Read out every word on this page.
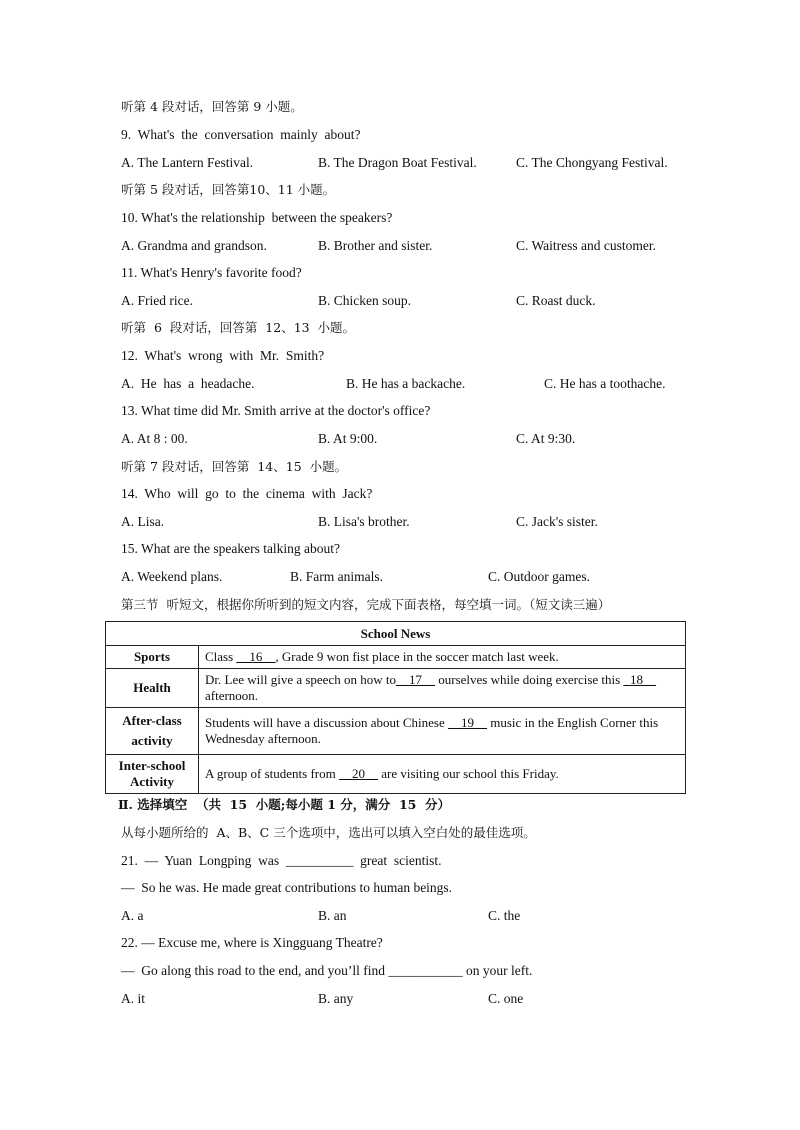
听第 4 段对话，回答第 9 小题。
9.  What's  the  conversation  mainly  about?
A. The Lantern Festival.	B. The Dragon Boat Festival.	C. The Chongyang Festival.
听第 5 段对话，回答第10、11 小题。
10. What's the relationship  between the speakers?
A. Grandma and grandson.	B. Brother and sister.	C. Waitress and customer.
11. What's Henry's favorite food?
A. Fried rice.	B. Chicken soup.	C. Roast duck.
听第  6  段对话，回答第  12、13  小题。
12.  What's  wrong  with  Mr.  Smith?
A.  He  has  a  headache.	B. He has a backache.	C. He has a toothache.
13. What time did Mr. Smith arrive at the doctor's office?
A. At 8 : 00.	B. At 9:00.	C. At 9:30.
听第 7 段对话，回答第  14、15  小题。
14.  Who  will  go  to  the  cinema  with  Jack?
A. Lisa.	B. Lisa's brother.	C. Jack's sister.
15. What are the speakers talking about?
A. Weekend plans.	B. Farm animals.	C. Outdoor games.
第三节  听短文，根据你所听到的短文内容，完成下面表格，每空填一词。（短文读三遍）
School News	
Sports	Class __16__, Grade 9 won fist place in the soccer match last week.
Health	Dr. Lee will give a speech on how to__17__ ourselves while doing exercise this _18__ afternoon.
After-class activity	Students will have a discussion about Chinese __19__ music in the English Corner this Wednesday afternoon.
Inter-school Activity	A group of students from __20__ are visiting our school this Friday.
Ⅱ. 选择填空  （共  15  小题;每小题 1 分，满分  15  分）
从每小题所给的  A、B、C 三个选项中，选出可以填入空白处的最佳选项。
21.  —  Yuan  Longping  was  __________  great  scientist.
—  So he was. He made great contributions to human beings.
A. a	B. an	C. the
22. — Excuse me, where is Xingguang Theatre?
—  Go along this road to the end, and you’ll find ___________ on your left.
A. it	B. any	C. one
